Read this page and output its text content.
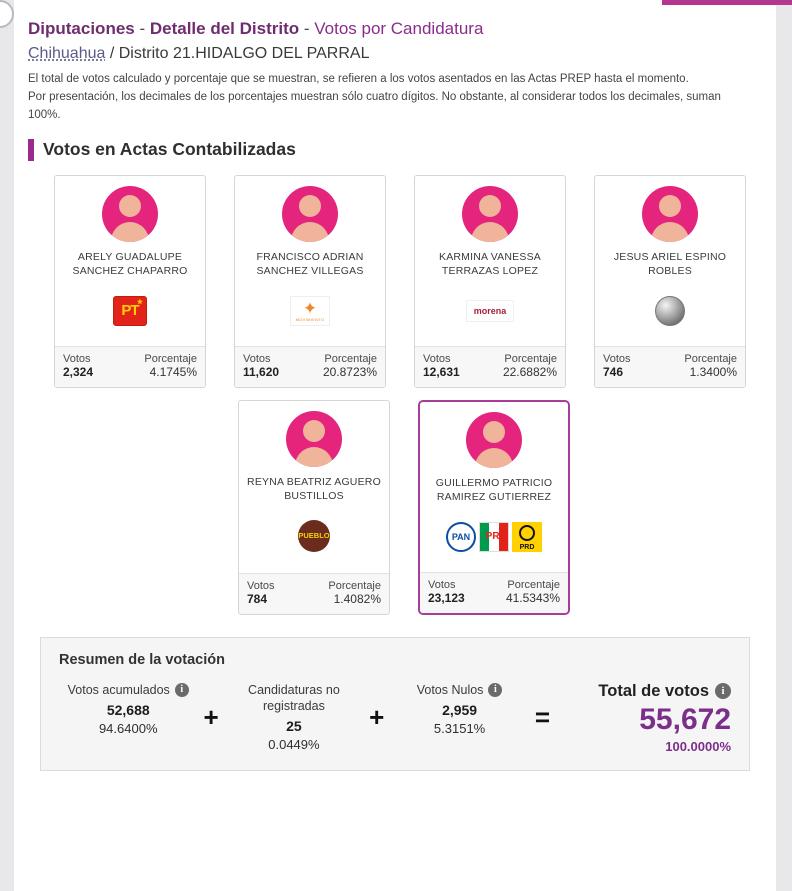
Diputaciones - Detalle del Distrito - Votos por Candidatura
Chihuahua / Distrito 21.HIDALGO DEL PARRAL
El total de votos calculado y porcentaje que se muestran, se refieren a los votos asentados en las Actas PREP hasta el momento.
Por presentación, los decimales de los porcentajes muestran sólo cuatro dígitos. No obstante, al considerar todos los decimales, suman 100%.
Votos en Actas Contabilizadas
ARELY GUADALUPE SANCHEZ CHAPARRO
★
PT
Votos	Porcentaje
2,324	4.1745%
FRANCISCO ADRIAN SANCHEZ VILLEGAS
✦
MOVIMIENTO
Votos	Porcentaje
11,620	20.8723%
KARMINA VANESSA TERRAZAS LOPEZ
morena
Votos	Porcentaje
12,631	22.6882%
JESUS ARIEL ESPINO ROBLES
Votos	Porcentaje
746	1.3400%
REYNA BEATRIZ AGUERO BUSTILLOS
PUEBLO
Votos	Porcentaje
784	1.4082%
GUILLERMO PATRICIO RAMIREZ GUTIERREZ
PAN PRI
PRD
Votos	Porcentaje
23,123	41.5343%
Resumen de la votación
Votos acumulados	i
52,688
94.6400%	+
Candidaturas no registradas
25
0.0449%
+
Votos Nulos	i
2,959
5.3151%	=
Total de votos	i
55,672
100.0000%
